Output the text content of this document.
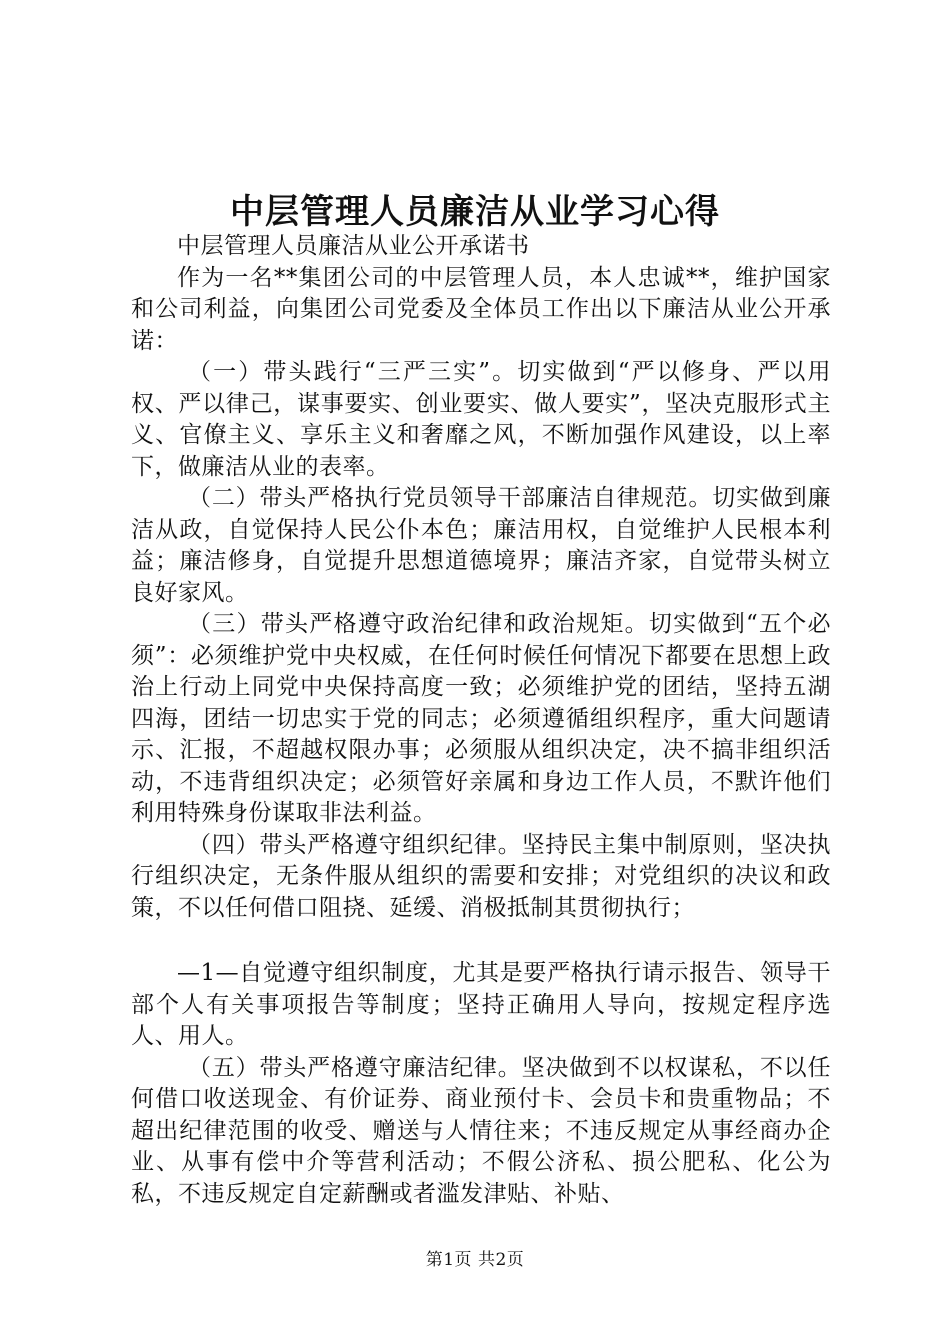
中层管理人员廉洁从业学习心得

中层管理人员廉洁从业公开承诺书

作为一名**集团公司的中层管理人员，本人忠诚**，维护国家和公司利益，向集团公司党委及全体员工作出以下廉洁从业公开承诺：

（一）带头践行“三严三实”。切实做到“严以修身、严以用权、严以律己，谋事要实、创业要实、做人要实”，坚决克服形式主义、官僚主义、享乐主义和奢靡之风，不断加强作风建设，以上率下，做廉洁从业的表率。

（二）带头严格执行党员领导干部廉洁自律规范。切实做到廉洁从政，自觉保持人民公仆本色；廉洁用权，自觉维护人民根本利益；廉洁修身，自觉提升思想道德境界；廉洁齐家，自觉带头树立良好家风。

（三）带头严格遵守政治纪律和政治规矩。切实做到“五个必须”：必须维护党中央权威，在任何时候任何情况下都要在思想上政治上行动上同党中央保持高度一致；必须维护党的团结，坚持五湖四海，团结一切忠实于党的同志；必须遵循组织程序，重大问题请示、汇报，不超越权限办事；必须服从组织决定，决不搞非组织活动，不违背组织决定；必须管好亲属和身边工作人员，不默许他们利用特殊身份谋取非法利益。

（四）带头严格遵守组织纪律。坚持民主集中制原则，坚决执行组织决定，无条件服从组织的需要和安排；对党组织的决议和政策，不以任何借口阻挠、延缓、消极抵制其贯彻执行；

—1—自觉遵守组织制度，尤其是要严格执行请示报告、领导干部个人有关事项报告等制度；坚持正确用人导向，按规定程序选人、用人。

（五）带头严格遵守廉洁纪律。坚决做到不以权谋私，不以任何借口收送现金、有价证券、商业预付卡、会员卡和贵重物品；不超出纪律范围的收受、赠送与人情往来；不违反规定从事经商办企业、从事有偿中介等营利活动；不假公济私、损公肥私、化公为私，不违反规定自定薪酬或者滥发津贴、补贴、

第1页 共2页
